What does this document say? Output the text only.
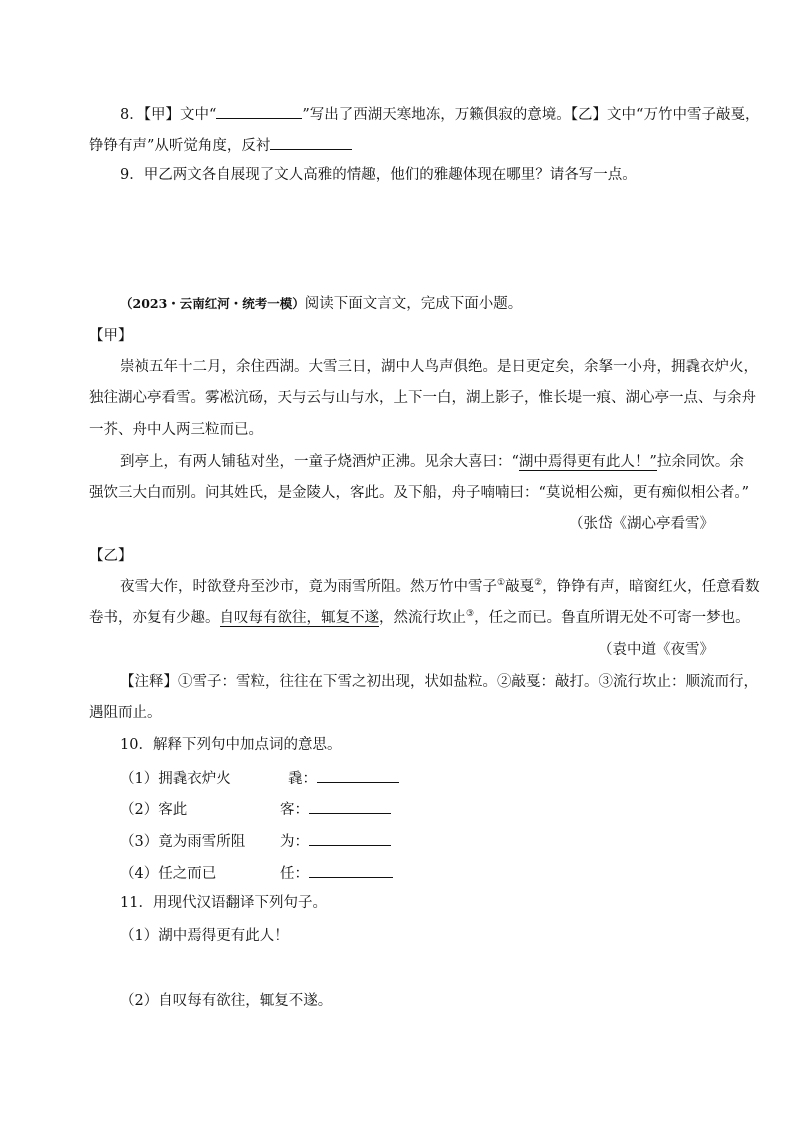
8．【甲】文中“	”写出了西湖天寒地冻，万籁俱寂的意境。【乙】文中“万竹中雪子敲戛，
铮铮有声”从听觉角度，反衬
9．甲乙两文各自展现了文人高雅的情趣，他们的雅趣体现在哪里？请各写一点。
（2023・云南红河・统考一模）阅读下面文言文，完成下面小题。
【甲】
崇祯五年十二月，余住西湖。大雪三日，湖中人鸟声俱绝。是日更定矣，余拏一小舟，拥毳衣炉火，
独往湖心亭看雪。雾凇沆砀，天与云与山与水，上下一白，湖上影子，惟长堤一痕、湖心亭一点、与余舟
一芥、舟中人两三粒而已。
到亭上，有两人铺毡对坐，一童子烧酒炉正沸。见余大喜曰：“湖中焉得更有此人！”拉余同饮。余
强饮三大白而别。问其姓氏，是金陵人，客此。及下船，舟子喃喃曰：“莫说相公痴，更有痴似相公者。”
（张岱《湖心亭看雪》
【乙】
夜雪大作，时欲登舟至沙市，竟为雨雪所阻。然万竹中雪子①敲戛②，铮铮有声，暗窗红火，任意看数
卷书，亦复有少趣。自叹每有欲往，辄复不遂，然流行坎止③，任之而已。鲁直所谓无处不可寄一梦也。
（袁中道《夜雪》
【注释】①雪子：雪粒，往往在下雪之初出现，状如盐粒。②敲戛：敲打。③流行坎止：顺流而行，
遇阻而止。
10．解释下列句中加点词的意思。
（1）拥毳衣炉火	毳：
（2）客此	客：
（3）竟为雨雪所阻 为：
（4）任之而已	任：
11．用现代汉语翻译下列句子。
（1）湖中焉得更有此人！
（2）自叹每有欲往，辄复不遂。
